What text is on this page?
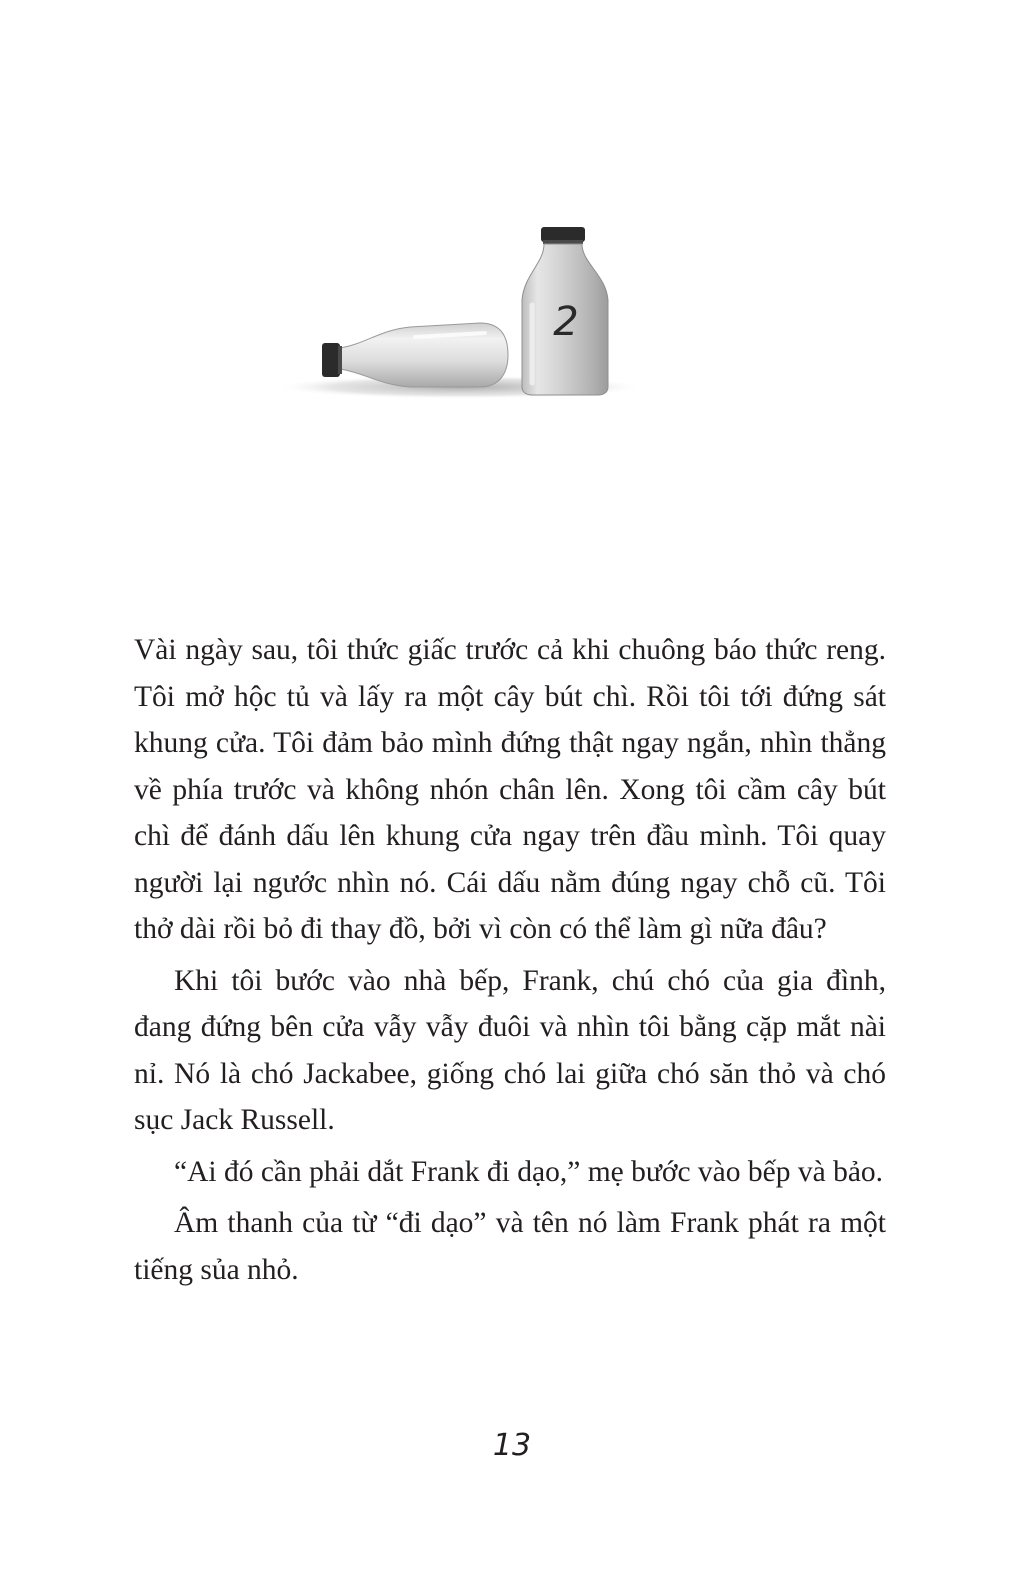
2

Vài ngày sau, tôi thức giấc trước cả khi chuông báo thức reng. Tôi mở hộc tủ và lấy ra một cây bút chì. Rồi tôi tới đứng sát khung cửa. Tôi đảm bảo mình đứng thật ngay ngắn, nhìn thẳng về phía trước và không nhón chân lên. Xong tôi cầm cây bút chì để đánh dấu lên khung cửa ngay trên đầu mình. Tôi quay người lại ngước nhìn nó. Cái dấu nằm đúng ngay chỗ cũ. Tôi thở dài rồi bỏ đi thay đồ, bởi vì còn có thể làm gì nữa đâu?

Khi tôi bước vào nhà bếp, Frank, chú chó của gia đình, đang đứng bên cửa vẫy vẫy đuôi và nhìn tôi bằng cặp mắt nài nỉ. Nó là chó Jackabee, giống chó lai giữa chó săn thỏ và chó sục Jack Russell.

“Ai đó cần phải dắt Frank đi dạo,” mẹ bước vào bếp và bảo.

Âm thanh của từ “đi dạo” và tên nó làm Frank phát ra một tiếng sủa nhỏ.

13
